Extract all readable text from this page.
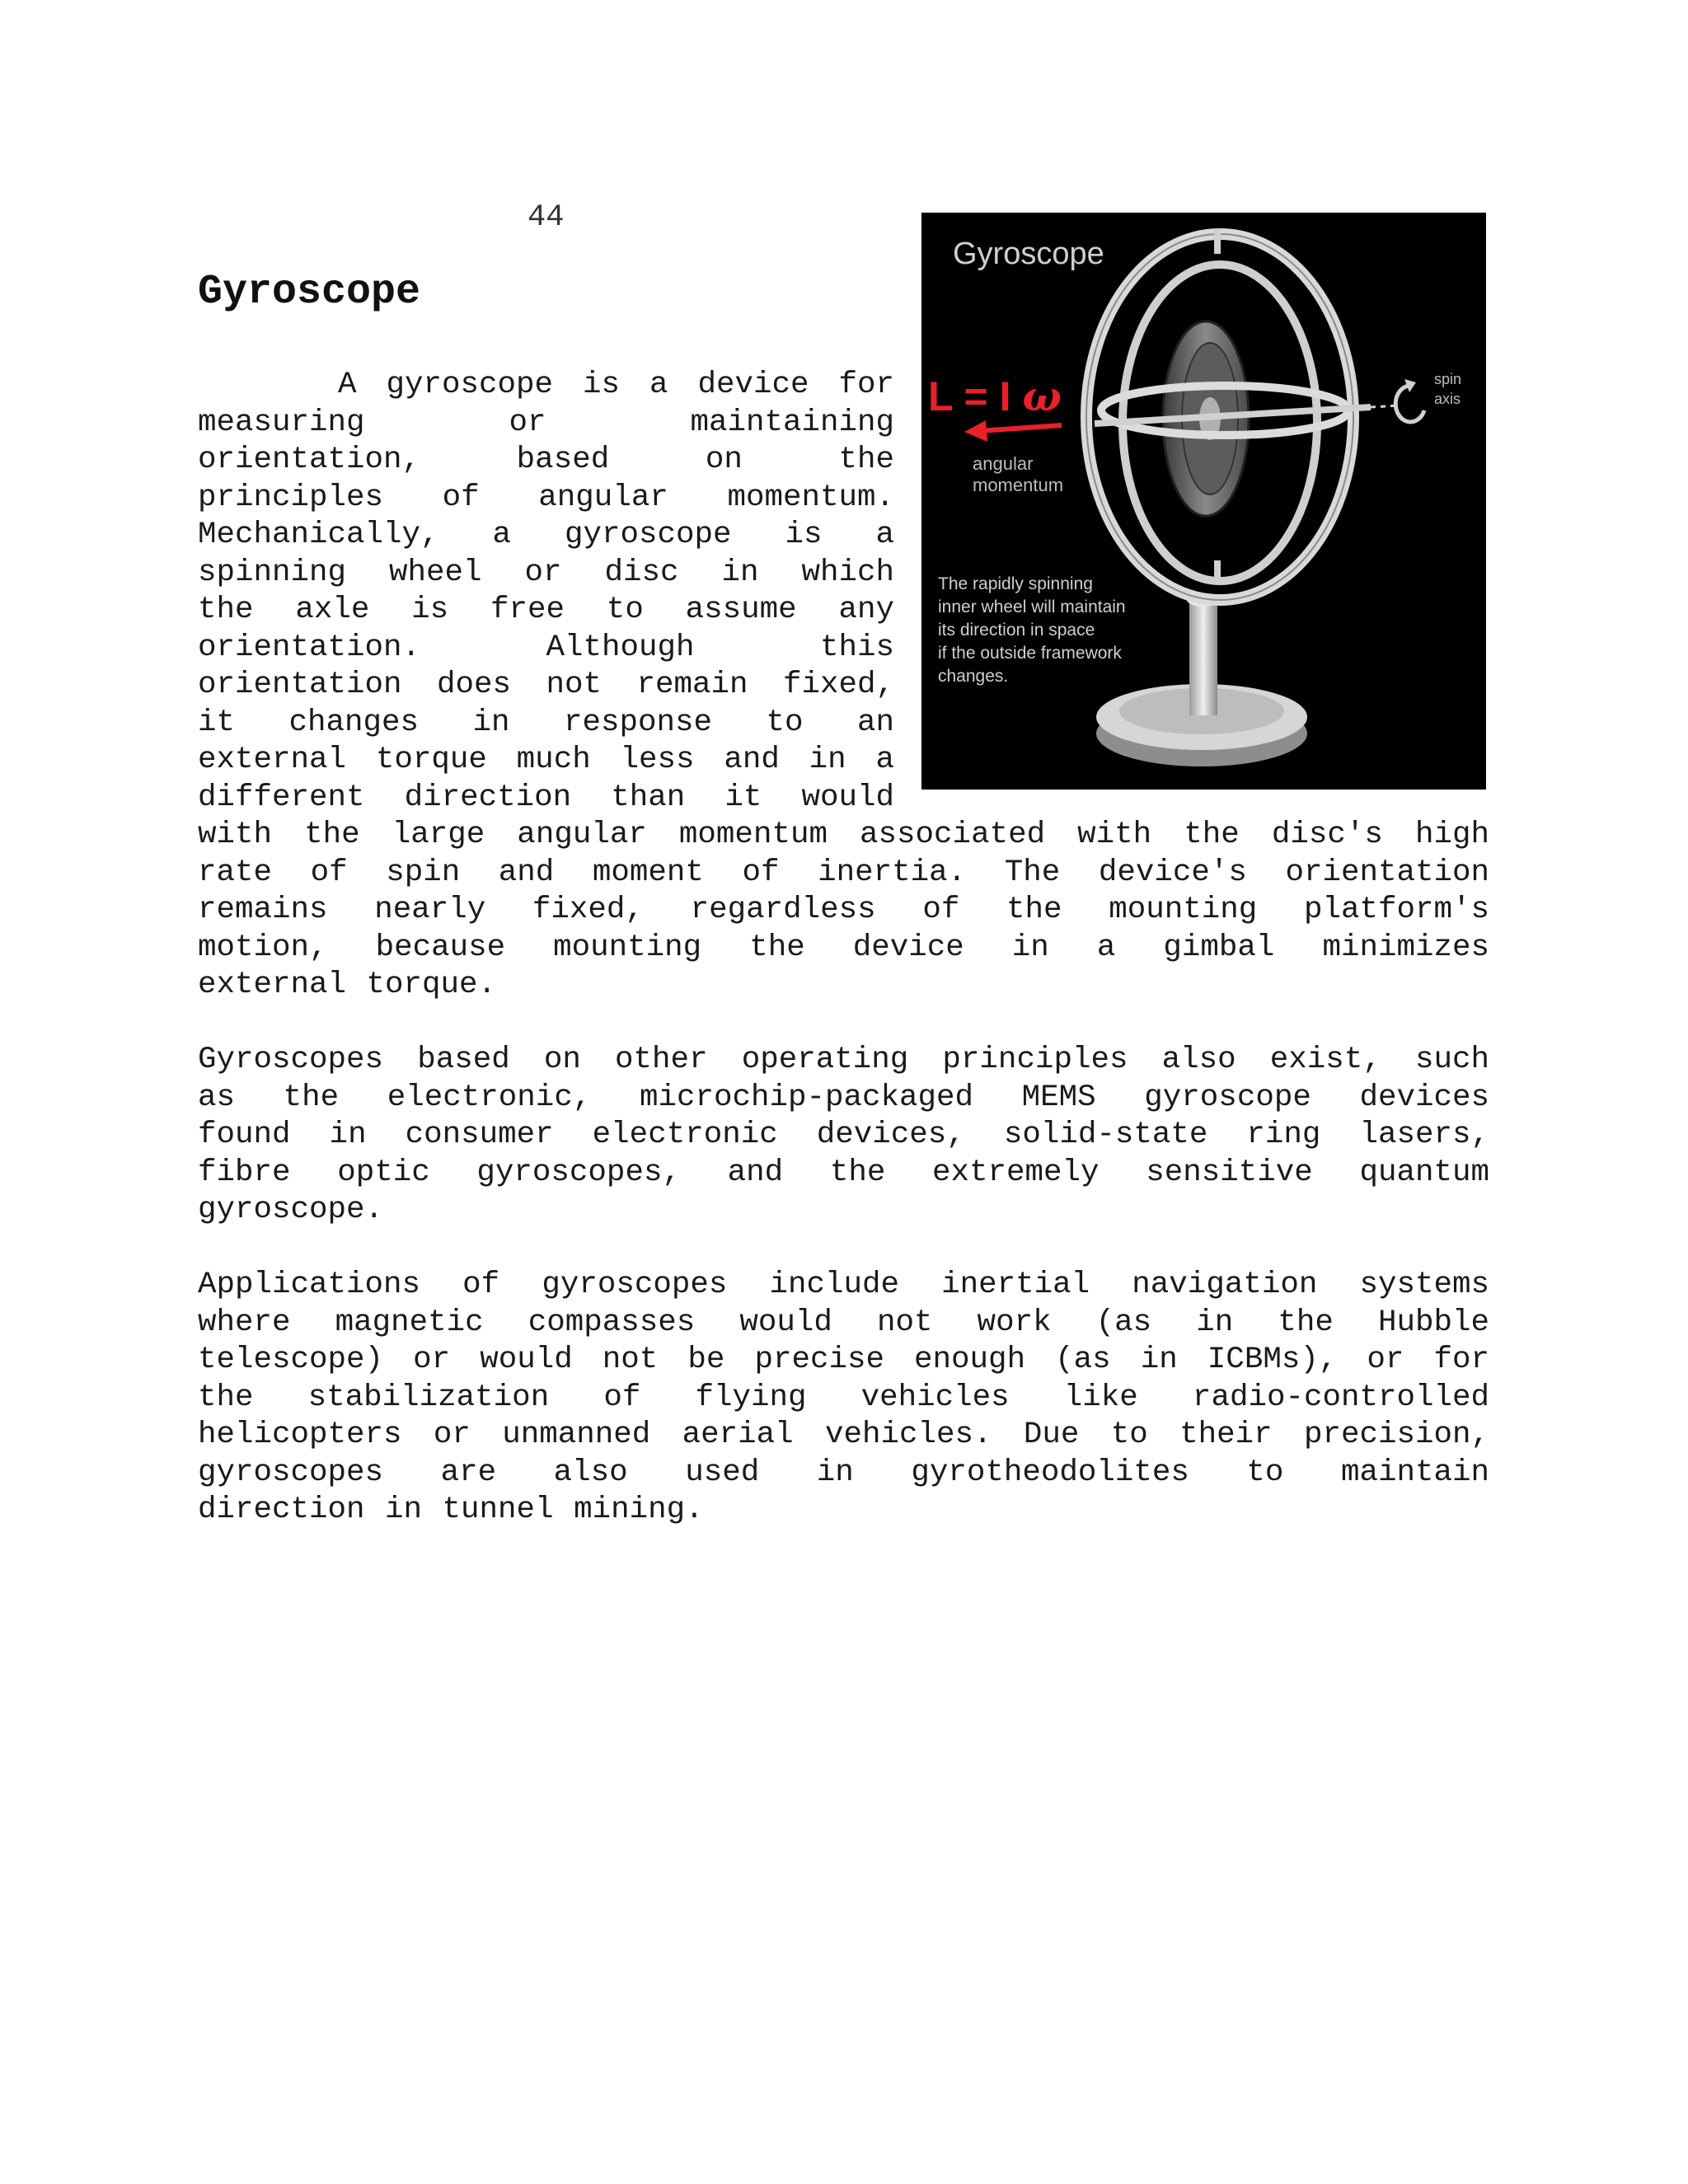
44
Gyroscope
Gyroscope
L = I ω
angular
momentum
spin
axis
The rapidly spinning
inner wheel will maintain
its direction in space
if the outside framework
changes.
A gyroscope is a device for
measuring or maintaining
orientation, based on the
principles of angular momentum.
Mechanically, a gyroscope is a
spinning wheel or disc in which
the axle is free to assume any
orientation. Although this
orientation does not remain fixed,
it changes in response to an
external torque much less and in a
different direction than it would
with the large angular momentum associated with the disc's high
rate of spin and moment of inertia. The device's orientation
remains nearly fixed, regardless of the mounting platform's
motion, because mounting the device in a gimbal minimizes
external torque.
Gyroscopes based on other operating principles also exist, such
as the electronic, microchip-packaged MEMS gyroscope devices
found in consumer electronic devices, solid-state ring lasers,
fibre optic gyroscopes, and the extremely sensitive quantum
gyroscope.
Applications of gyroscopes include inertial navigation systems
where magnetic compasses would not work (as in the Hubble
telescope) or would not be precise enough (as in ICBMs), or for
the stabilization of flying vehicles like radio-controlled
helicopters or unmanned aerial vehicles. Due to their precision,
gyroscopes are also used in gyrotheodolites to maintain
direction in tunnel mining.
